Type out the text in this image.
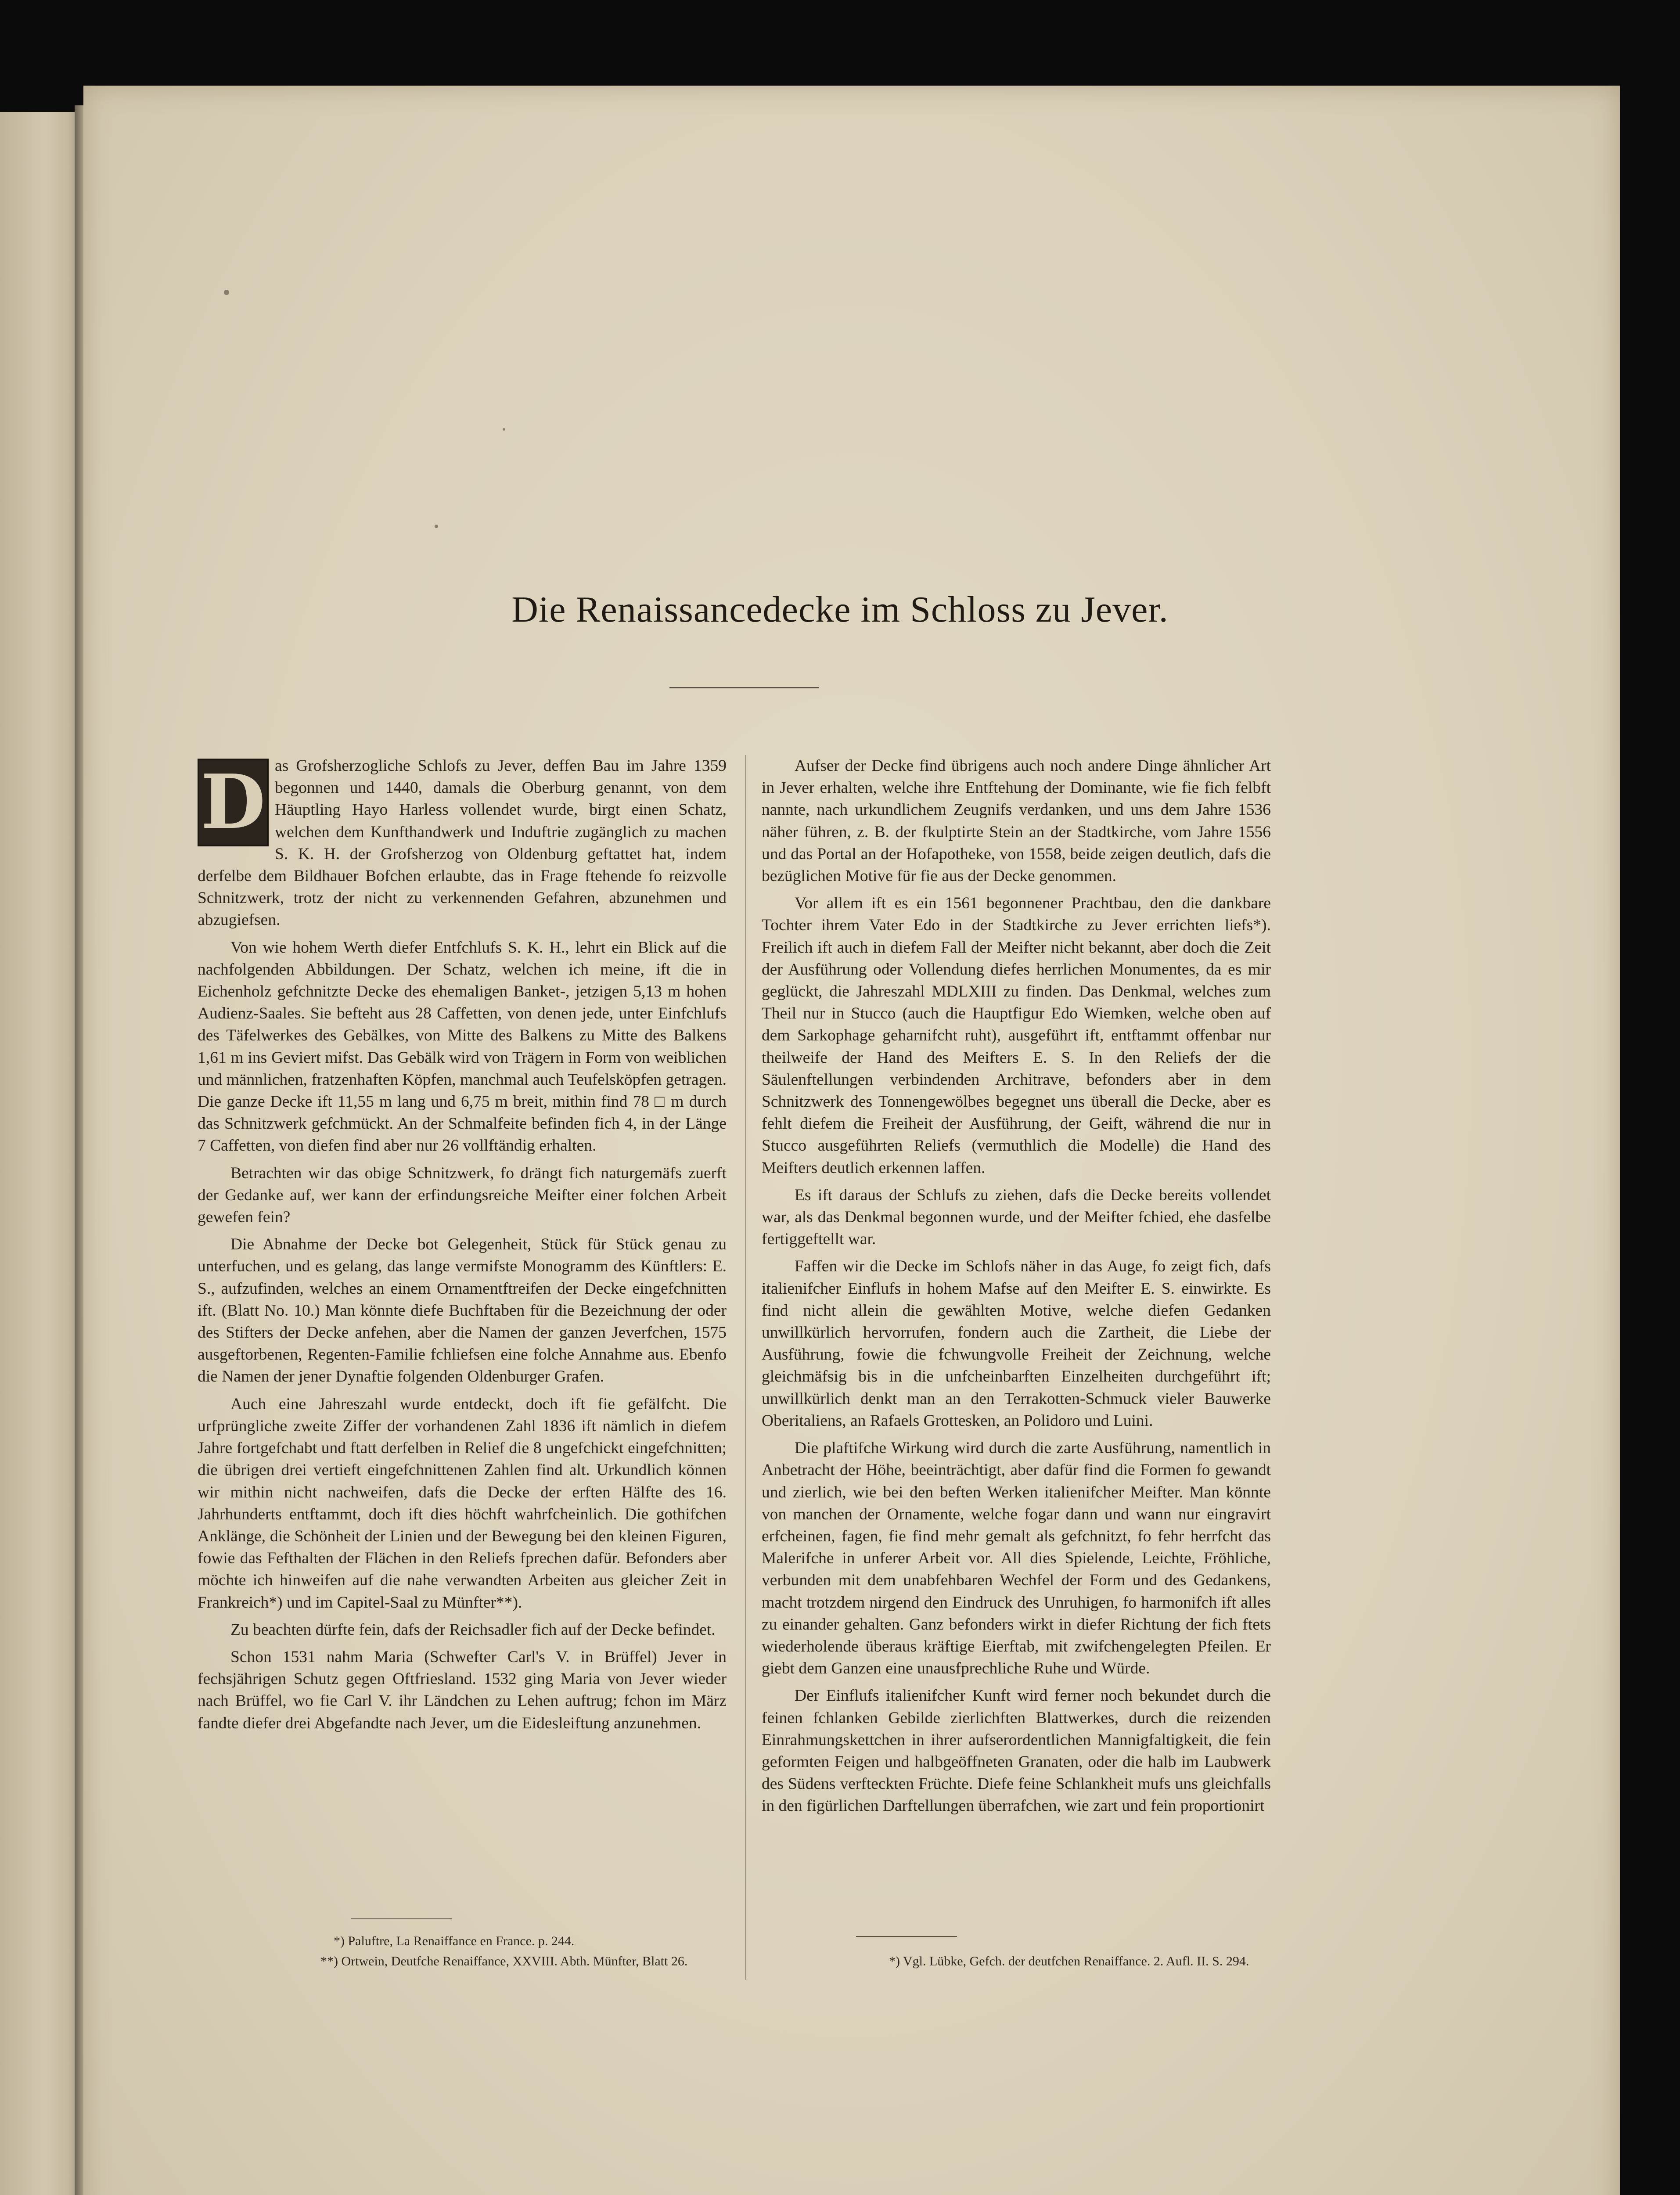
Die Renaissancedecke im Schloss zu Jever.

D as Grofsherzogliche Schlofs zu Jever, deffen Bau im Jahre 1359 begonnen und 1440, damals die Oberburg genannt, von dem Häuptling Hayo Harless vollendet wurde, birgt einen Schatz, welchen dem Kunfthandwerk und Induftrie zugänglich zu machen S. K. H. der Grofsherzog von Oldenburg geftattet hat, indem derfelbe dem Bildhauer Bofchen erlaubte, das in Frage ftehende fo reizvolle Schnitzwerk, trotz der nicht zu verkennenden Gefahren, abzunehmen und abzugiefsen.

Von wie hohem Werth diefer Entfchlufs S. K. H., lehrt ein Blick auf die nachfolgenden Abbildungen. Der Schatz, welchen ich meine, ift die in Eichenholz gefchnitzte Decke des ehemaligen Banket-, jetzigen 5,13 m hohen Audienz-Saales. Sie befteht aus 28 Caffetten, von denen jede, unter Einfchlufs des Täfelwerkes des Gebälkes, von Mitte des Balkens zu Mitte des Balkens 1,61 m ins Geviert mifst. Das Gebälk wird von Trägern in Form von weiblichen und männlichen, fratzenhaften Köpfen, manchmal auch Teufelsköpfen getragen. Die ganze Decke ift 11,55 m lang und 6,75 m breit, mithin find 78 □ m durch das Schnitzwerk gefchmückt. An der Schmalfeite befinden fich 4, in der Länge 7 Caffetten, von diefen find aber nur 26 vollftändig erhalten.

Betrachten wir das obige Schnitzwerk, fo drängt fich naturgemäfs zuerft der Gedanke auf, wer kann der erfindungsreiche Meifter einer folchen Arbeit gewefen fein?

Die Abnahme der Decke bot Gelegenheit, Stück für Stück genau zu unterfuchen, und es gelang, das lange vermifste Monogramm des Künftlers: E. S., aufzufinden, welches an einem Ornamentftreifen der Decke eingefchnitten ift. (Blatt No. 10.) Man könnte diefe Buchftaben für die Bezeichnung der oder des Stifters der Decke anfehen, aber die Namen der ganzen Jeverfchen, 1575 ausgeftorbenen, Regenten-Familie fchliefsen eine folche Annahme aus. Ebenfo die Namen der jener Dynaftie folgenden Oldenburger Grafen.

Auch eine Jahreszahl wurde entdeckt, doch ift fie gefälfcht. Die urfprüngliche zweite Ziffer der vorhandenen Zahl 1836 ift nämlich in diefem Jahre fortgefchabt und ftatt derfelben in Relief die 8 ungefchickt eingefchnitten; die übrigen drei vertieft eingefchnittenen Zahlen find alt. Urkundlich können wir mithin nicht nachweifen, dafs die Decke der erften Hälfte des 16. Jahrhunderts entftammt, doch ift dies höchft wahrfcheinlich. Die gothifchen Anklänge, die Schönheit der Linien und der Bewegung bei den kleinen Figuren, fowie das Fefthalten der Flächen in den Reliefs fprechen dafür. Befonders aber möchte ich hinweifen auf die nahe verwandten Arbeiten aus gleicher Zeit in Frankreich*) und im Capitel-Saal zu Münfter**).

Zu beachten dürfte fein, dafs der Reichsadler fich auf der Decke befindet.

Schon 1531 nahm Maria (Schwefter Carl's V. in Brüffel) Jever in fechsjährigen Schutz gegen Oftfriesland. 1532 ging Maria von Jever wieder nach Brüffel, wo fie Carl V. ihr Ländchen zu Lehen auftrug; fchon im März fandte diefer drei Abgefandte nach Jever, um die Eidesleiftung anzunehmen.

Aufser der Decke find übrigens auch noch andere Dinge ähnlicher Art in Jever erhalten, welche ihre Entftehung der Dominante, wie fie fich felbft nannte, nach urkundlichem Zeugnifs verdanken, und uns dem Jahre 1536 näher führen, z. B. der fkulptirte Stein an der Stadtkirche, vom Jahre 1556 und das Portal an der Hofapotheke, von 1558, beide zeigen deutlich, dafs die bezüglichen Motive für fie aus der Decke genommen.

Vor allem ift es ein 1561 begonnener Prachtbau, den die dankbare Tochter ihrem Vater Edo in der Stadtkirche zu Jever errichten liefs*). Freilich ift auch in diefem Fall der Meifter nicht bekannt, aber doch die Zeit der Ausführung oder Vollendung diefes herrlichen Monumentes, da es mir geglückt, die Jahreszahl MDLXIII zu finden. Das Denkmal, welches zum Theil nur in Stucco (auch die Hauptfigur Edo Wiemken, welche oben auf dem Sarkophage geharnifcht ruht), ausgeführt ift, entftammt offenbar nur theilweife der Hand des Meifters E. S. In den Reliefs der die Säulenftellungen verbindenden Architrave, befonders aber in dem Schnitzwerk des Tonnengewölbes begegnet uns überall die Decke, aber es fehlt diefem die Freiheit der Ausführung, der Geift, während die nur in Stucco ausgeführten Reliefs (vermuthlich die Modelle) die Hand des Meifters deutlich erkennen laffen.

Es ift daraus der Schlufs zu ziehen, dafs die Decke bereits vollendet war, als das Denkmal begonnen wurde, und der Meifter fchied, ehe dasfelbe fertiggeftellt war.

Faffen wir die Decke im Schlofs näher in das Auge, fo zeigt fich, dafs italienifcher Einflufs in hohem Mafse auf den Meifter E. S. einwirkte. Es find nicht allein die gewählten Motive, welche diefen Gedanken unwillkürlich hervorrufen, fondern auch die Zartheit, die Liebe der Ausführung, fowie die fchwungvolle Freiheit der Zeichnung, welche gleichmäfsig bis in die unfcheinbarften Einzelheiten durchgeführt ift; unwillkürlich denkt man an den Terrakotten-Schmuck vieler Bauwerke Oberitaliens, an Rafaels Grottesken, an Polidoro und Luini.

Die plaftifche Wirkung wird durch die zarte Ausführung, namentlich in Anbetracht der Höhe, beeinträchtigt, aber dafür find die Formen fo gewandt und zierlich, wie bei den beften Werken italienifcher Meifter. Man könnte von manchen der Ornamente, welche fogar dann und wann nur eingravirt erfcheinen, fagen, fie find mehr gemalt als gefchnitzt, fo fehr herrfcht das Malerifche in unferer Arbeit vor. All dies Spielende, Leichte, Fröhliche, verbunden mit dem unabfehbaren Wechfel der Form und des Gedankens, macht trotzdem nirgend den Eindruck des Unruhigen, fo harmonifch ift alles zu einander gehalten. Ganz befonders wirkt in diefer Richtung der fich ftets wiederholende überaus kräftige Eierftab, mit zwifchengelegten Pfeilen. Er giebt dem Ganzen eine unausfprechliche Ruhe und Würde.

Der Einflufs italienifcher Kunft wird ferner noch bekundet durch die feinen fchlanken Gebilde zierlichften Blattwerkes, durch die reizenden Einrahmungskettchen in ihrer aufserordentlichen Mannigfaltigkeit, die fein geformten Feigen und halbgeöffneten Granaten, oder die halb im Laubwerk des Südens verfteckten Früchte. Diefe feine Schlankheit mufs uns gleichfalls in den figürlichen Darftellungen überrafchen, wie zart und fein proportionirt

*) Paluftre, La Renaiffance en France. p. 244.
**) Ortwein, Deutfche Renaiffance, XXVIII. Abth. Münfter, Blatt 26.	*) Vgl. Lübke, Gefch. der deutfchen Renaiffance. 2. Aufl. II. S. 294.
